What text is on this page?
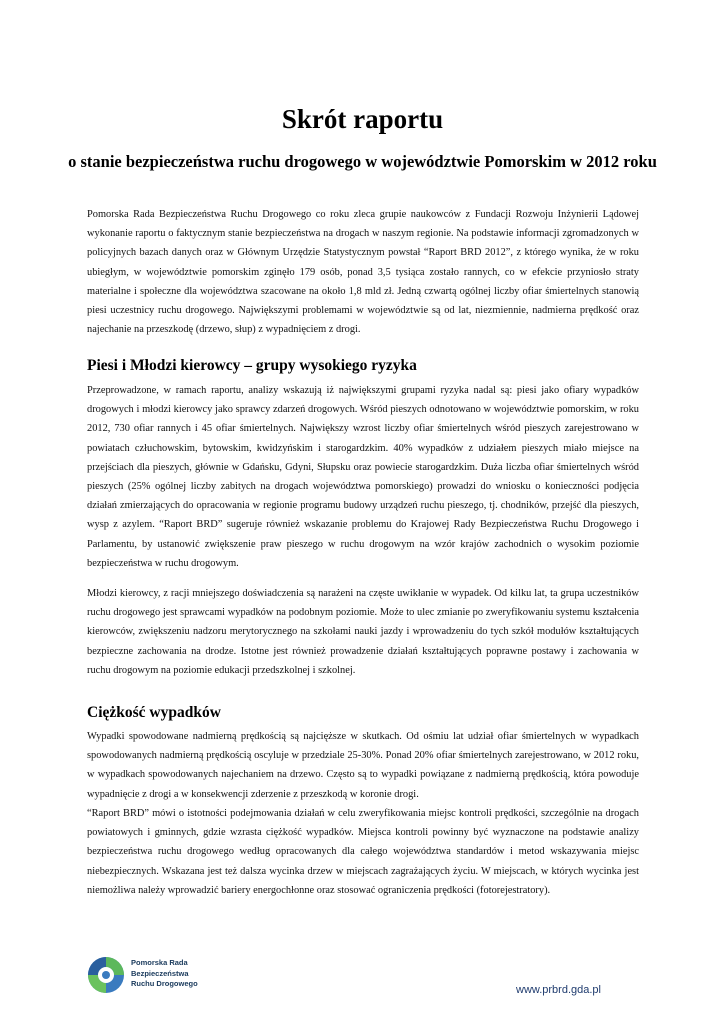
Skrót raportu

o stanie bezpieczeństwa ruchu drogowego w województwie Pomorskim w 2012 roku

Pomorska Rada Bezpieczeństwa Ruchu Drogowego co roku zleca grupie naukowców z Fundacji Rozwoju Inżynierii Lądowej wykonanie raportu o faktycznym stanie bezpieczeństwa na drogach w naszym regionie. Na podstawie informacji zgromadzonych w policyjnych bazach danych oraz w Głównym Urzędzie Statystycznym powstał “Raport BRD 2012”, z którego wynika, że w roku ubiegłym, w województwie pomorskim zginęło 179 osób, ponad 3,5 tysiąca zostało rannych, co w efekcie przyniosło straty materialne i społeczne dla województwa szacowane na około 1,8 mld zł. Jedną czwartą ogólnej liczby ofiar śmiertelnych stanowią piesi uczestnicy ruchu drogowego. Największymi problemami w województwie są od lat, niezmiennie, nadmierna prędkość oraz najechanie na przeszkodę (drzewo, słup) z wypadnięciem z drogi.

Piesi i Młodzi kierowcy – grupy wysokiego ryzyka

Przeprowadzone, w ramach raportu, analizy wskazują iż największymi grupami ryzyka nadal są: piesi jako ofiary wypadków drogowych i młodzi kierowcy jako sprawcy zdarzeń drogowych. Wśród pieszych odnotowano w województwie pomorskim, w roku 2012, 730 ofiar rannych i 45 ofiar śmiertelnych. Największy wzrost liczby ofiar śmiertelnych wśród pieszych zarejestrowano w powiatach człuchowskim, bytowskim, kwidzyńskim i starogardzkim. 40% wypadków z udziałem pieszych miało miejsce na przejściach dla pieszych, głównie w Gdańsku, Gdyni, Słupsku oraz powiecie starogardzkim. Duża liczba ofiar śmiertelnych wśród pieszych (25% ogólnej liczby zabitych na drogach województwa pomorskiego) prowadzi do wniosku o konieczności podjęcia działań zmierzających do opracowania w regionie programu budowy urządzeń ruchu pieszego, tj. chodników, przejść dla pieszych, wysp z azylem. “Raport BRD” sugeruje również wskazanie problemu do Krajowej Rady Bezpieczeństwa Ruchu Drogowego i Parlamentu, by ustanowić zwiększenie praw pieszego w ruchu drogowym na wzór krajów zachodnich o wysokim poziomie bezpieczeństwa w ruchu drogowym.

Młodzi kierowcy, z racji mniejszego doświadczenia są narażeni na częste uwikłanie w wypadek. Od kilku lat, ta grupa uczestników ruchu drogowego jest sprawcami wypadków na podobnym poziomie. Może to ulec zmianie po zweryfikowaniu systemu kształcenia kierowców, zwiększeniu nadzoru merytorycznego na szkołami nauki jazdy i wprowadzeniu do tych szkół modułów kształtujących bezpieczne zachowania na drodze. Istotne jest również prowadzenie działań kształtujących poprawne postawy i zachowania w ruchu drogowym na poziomie edukacji przedszkolnej i szkolnej.

Ciężkość wypadków

Wypadki spowodowane nadmierną prędkością są najcięższe w skutkach. Od ośmiu lat udział ofiar śmiertelnych w wypadkach spowodowanych nadmierną prędkością oscyluje w przedziale 25-30%. Ponad 20% ofiar śmiertelnych zarejestrowano, w 2012 roku, w wypadkach spowodowanych najechaniem na drzewo. Często są to wypadki powiązane z nadmierną prędkością, która powoduje wypadnięcie z drogi a w konsekwencji zderzenie z przeszkodą w koronie drogi.

“Raport BRD” mówi o istotności podejmowania działań w celu zweryfikowania miejsc kontroli prędkości, szczególnie na drogach powiatowych i gminnych, gdzie wzrasta ciężkość wypadków. Miejsca kontroli powinny być wyznaczone na podstawie analizy bezpieczeństwa ruchu drogowego według opracowanych dla całego województwa standardów i metod wskazywania miejsc niebezpiecznych. Wskazana jest też dalsza wycinka drzew w miejscach zagrażających życiu. W miejscach, w których wycinka jest niemożliwa należy wprowadzić bariery energochłonne oraz stosować ograniczenia prędkości (fotorejestratory).

Pomorska Rada
Bezpieczeństwa
Ruchu Drogowego
www.prbrd.gda.pl
